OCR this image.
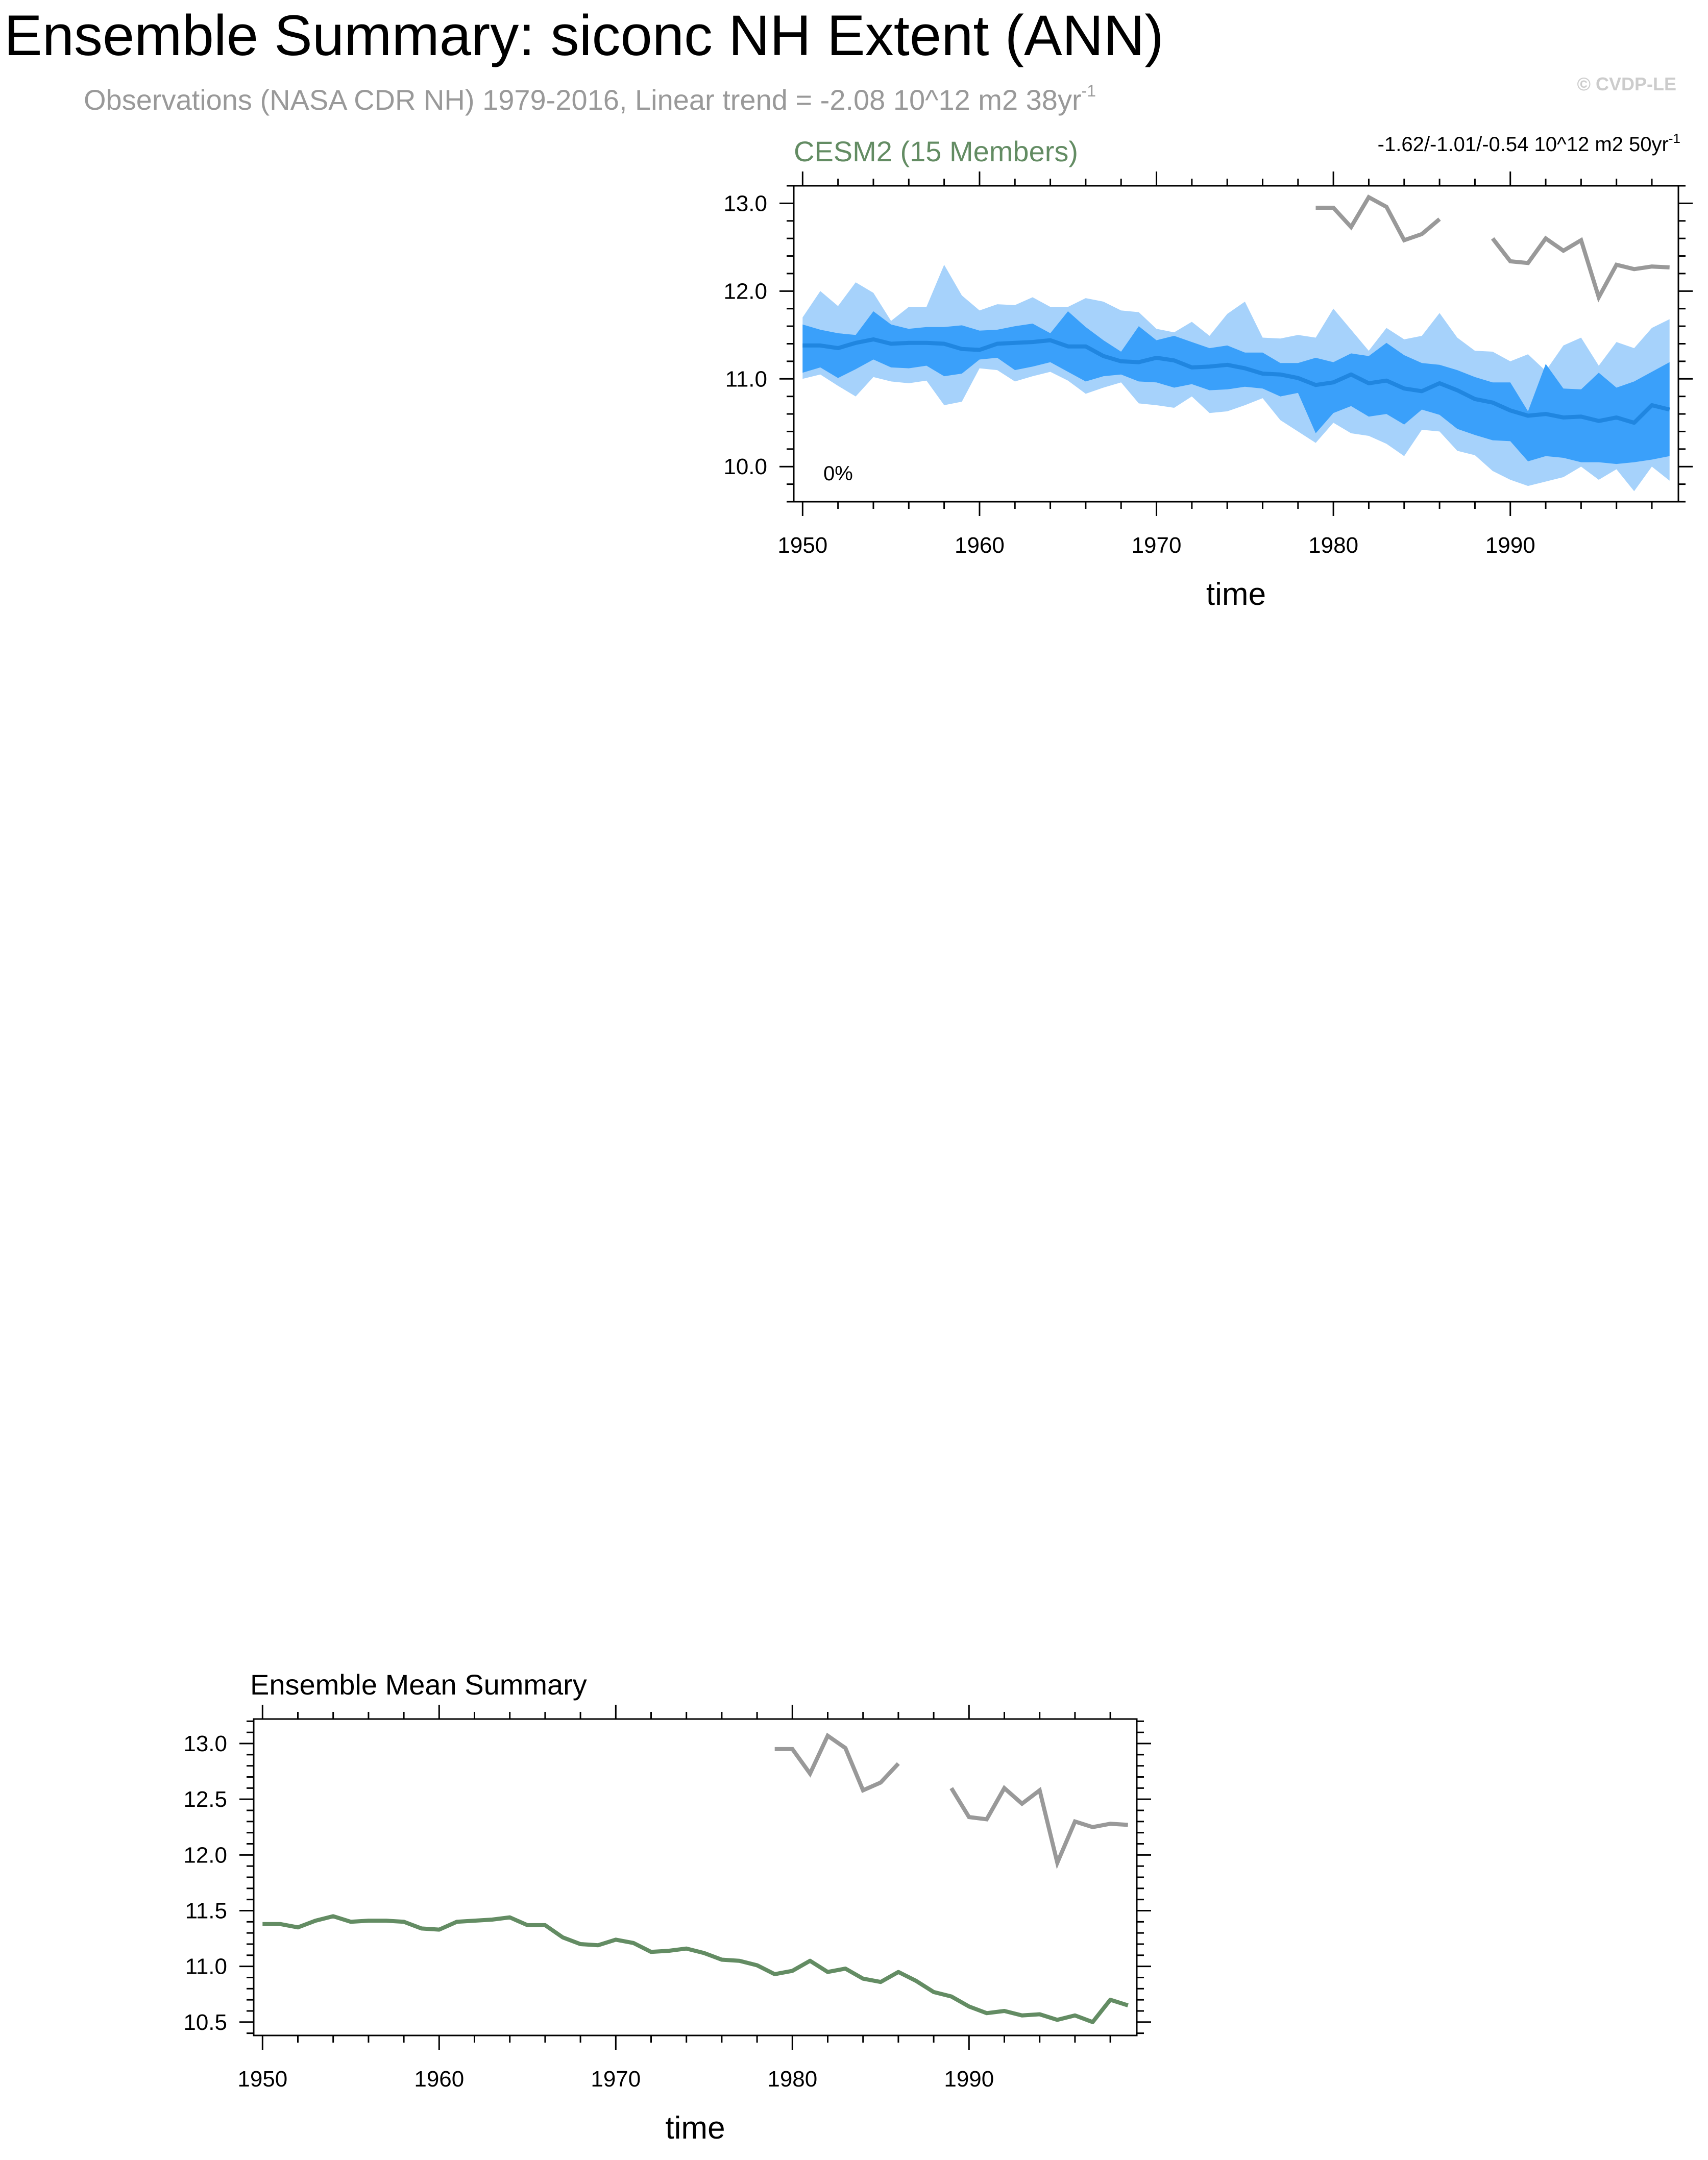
Ensemble Summary: siconc NH Extent (ANN)
Observations (NASA CDR NH) 1979-2016, Linear trend = -2.08 10^12 m2 $38yr^{-1}$	© CVDP-LE
1950	1960	1970	1980	1990
10.0
11.0
12.0
13.0
time
CESM2 (15 Members)	-1.62/-1.01/-0.54 10^12 m2 $50yr^{-1}$
0%
1950	1960	1970	1980	1990
10.5
11.0
11.5
12.0
12.5
13.0
time
Ensemble Mean Summary
